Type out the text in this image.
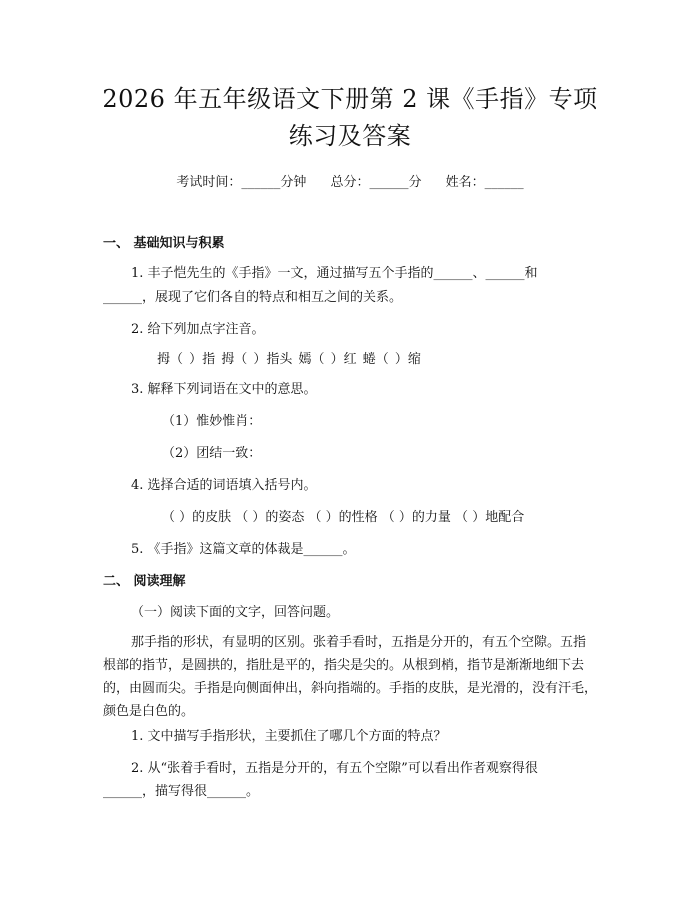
2026 年五年级语文下册第 2 课《手指》专项
练习及答案
考试时间：______分钟 总分：______分 姓名：______
一、 基础知识与积累
1. 丰子恺先生的《手指》一文，通过描写五个手指的______、______和
______，展现了它们各自的特点和相互之间的关系。
2. 给下列加点字注音。
拇（ ）指 拇（ ）指头 嫣（ ）红 蜷（ ）缩
3. 解释下列词语在文中的意思。
（1）惟妙惟肖：
（2）团结一致：
4. 选择合适的词语填入括号内。
（ ）的皮肤 （ ）的姿态 （ ）的性格 （ ）的力量 （ ）地配合
5. 《手指》这篇文章的体裁是______。
二、 阅读理解
（一）阅读下面的文字，回答问题。
那手指的形状，有显明的区别。张着手看时，五指是分开的，有五个空隙。五指根部的指节，是圆拱的，指肚是平的，指尖是尖的。从根到梢，指节是渐渐地细下去的，由圆而尖。手指是向侧面伸出，斜向指端的。手指的皮肤，是光滑的，没有汗毛，颜色是白色的。
1. 文中描写手指形状，主要抓住了哪几个方面的特点？
2. 从“张着手看时，五指是分开的，有五个空隙”可以看出作者观察得很
______，描写得很______。
